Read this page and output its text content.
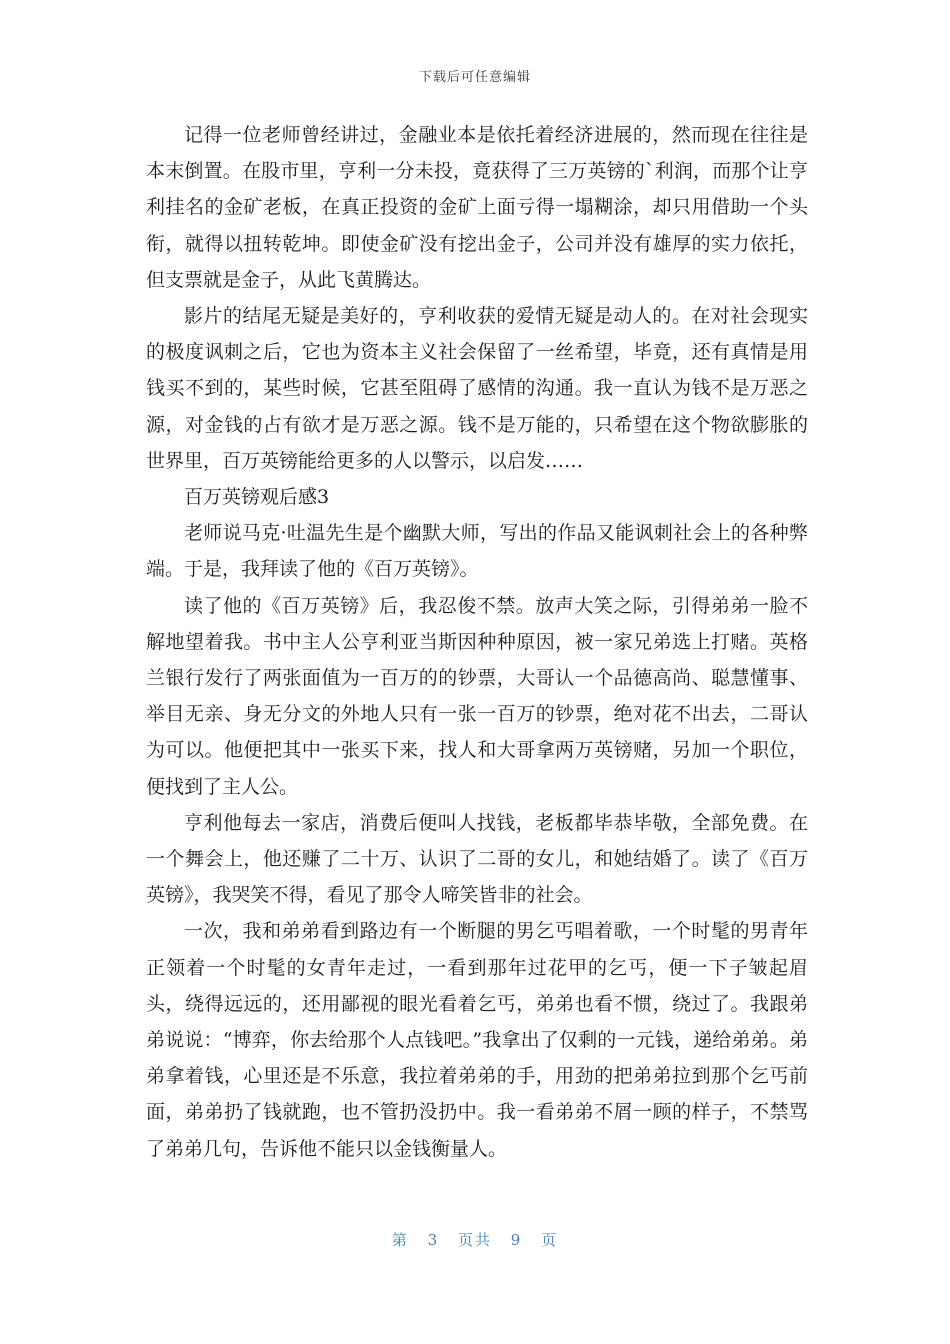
下载后可任意编辑

记得一位老师曾经讲过，金融业本是依托着经济进展的，然而现在往往是本末倒置。在股市里，亨利一分未投，竟获得了三万英镑的`利润，而那个让亨利挂名的金矿老板，在真正投资的金矿上面亏得一塌糊涂，却只用借助一个头衔，就得以扭转乾坤。即使金矿没有挖出金子，公司并没有雄厚的实力依托，但支票就是金子，从此飞黄腾达。

影片的结尾无疑是美好的，亨利收获的爱情无疑是动人的。在对社会现实的极度讽刺之后，它也为资本主义社会保留了一丝希望，毕竟，还有真情是用钱买不到的，某些时候，它甚至阻碍了感情的沟通。我一直认为钱不是万恶之源，对金钱的占有欲才是万恶之源。钱不是万能的，只希望在这个物欲膨胀的世界里，百万英镑能给更多的人以警示，以启发……

百万英镑观后感3

老师说马克·吐温先生是个幽默大师，写出的作品又能讽刺社会上的各种弊端。于是，我拜读了他的《百万英镑》。

读了他的《百万英镑》后，我忍俊不禁。放声大笑之际，引得弟弟一脸不解地望着我。书中主人公亨利亚当斯因种种原因，被一家兄弟选上打赌。英格兰银行发行了两张面值为一百万的的钞票，大哥认一个品德高尚、聪慧懂事、举目无亲、身无分文的外地人只有一张一百万的钞票，绝对花不出去，二哥认为可以。他便把其中一张买下来，找人和大哥拿两万英镑赌，另加一个职位，便找到了主人公。

亨利他每去一家店，消费后便叫人找钱，老板都毕恭毕敬，全部免费。在一个舞会上，他还赚了二十万、认识了二哥的女儿，和她结婚了。读了《百万英镑》，我哭笑不得，看见了那令人啼笑皆非的社会。

一次，我和弟弟看到路边有一个断腿的男乞丐唱着歌，一个时髦的男青年正领着一个时髦的女青年走过，一看到那年过花甲的乞丐，便一下子皱起眉头，绕得远远的，还用鄙视的眼光看着乞丐，弟弟也看不惯，绕过了。我跟弟弟说说：“博弈，你去给那个人点钱吧。”我拿出了仅剩的一元钱，递给弟弟。弟弟拿着钱，心里还是不乐意，我拉着弟弟的手，用劲的把弟弟拉到那个乞丐前面，弟弟扔了钱就跑，也不管扔没扔中。我一看弟弟不屑一顾的样子，不禁骂了弟弟几句，告诉他不能只以金钱衡量人。

第 3 页共 9 页
